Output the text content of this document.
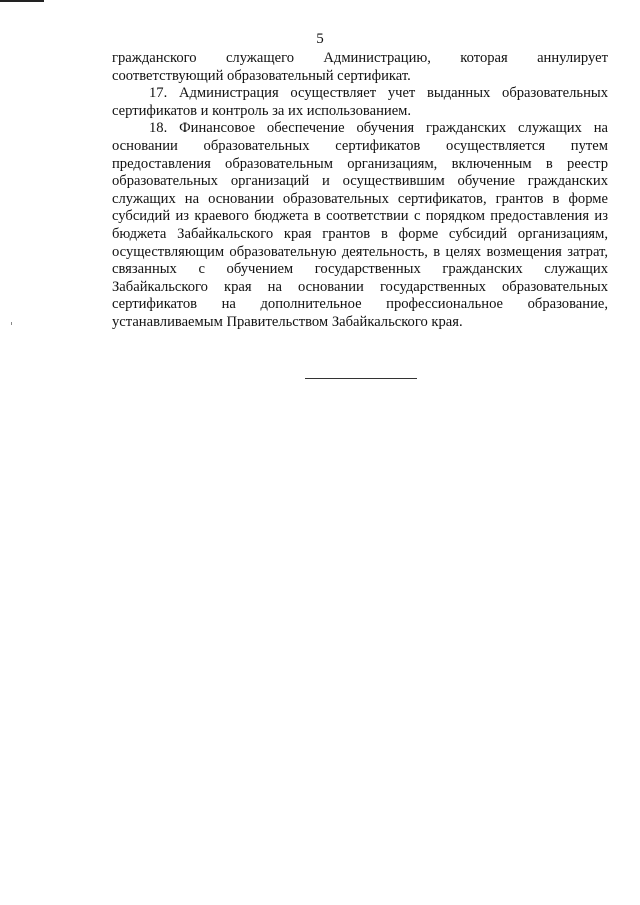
5

гражданского служащего Администрацию, которая аннулирует соответствующий образовательный сертификат.

17. Администрация осуществляет учет выданных образовательных сертификатов и контроль за их использованием.

18. Финансовое обеспечение обучения гражданских служащих на основании образовательных сертификатов осуществляется путем предоставления образовательным организациям, включенным в реестр образовательных организаций и осуществившим обучение гражданских служащих на основании образовательных сертификатов, грантов в форме субсидий из краевого бюджета в соответствии с порядком предоставления из бюджета Забайкальского края грантов в форме субсидий организациям, осуществляющим образовательную деятельность, в целях возмещения затрат, связанных с обучением государственных гражданских служащих Забайкальского края на основании государственных образовательных сертификатов на дополнительное профессиональное образование, устанавливаемым Правительством Забайкальского края.
